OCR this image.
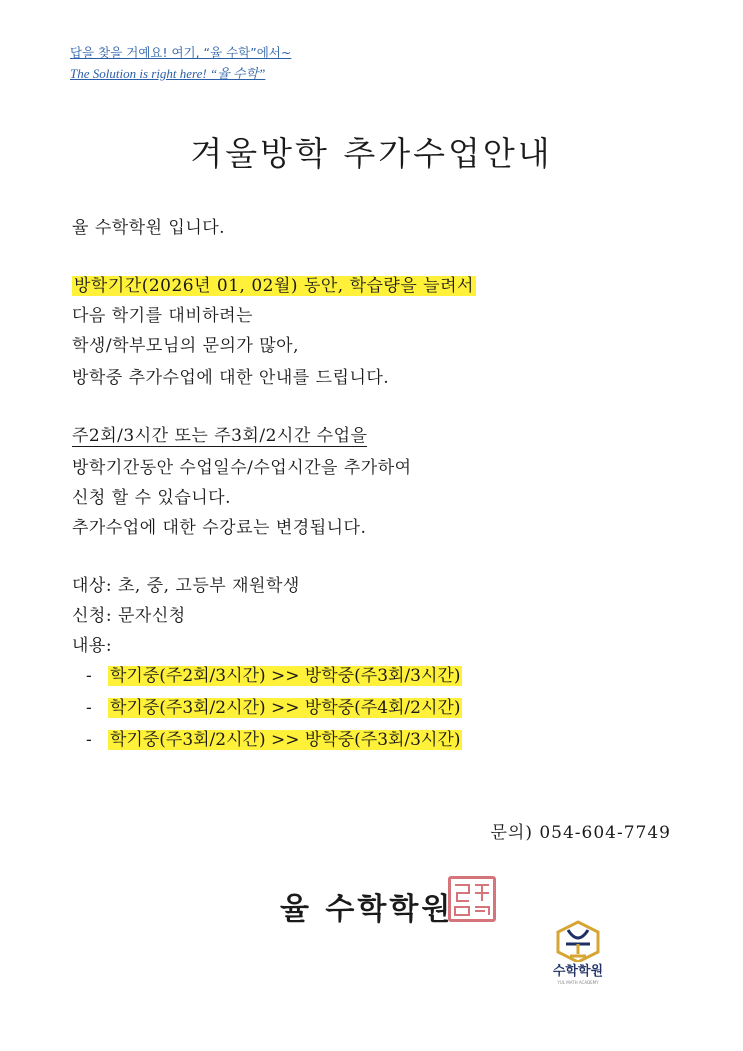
답을 찾을 거예요! 여기, “율 수학”에서~
The Solution is right here! “율 수학”
겨울방학 추가수업안내
율 수학학원 입니다.
방학기간(2026년 01, 02월) 동안, 학습량을 늘려서
다음 학기를 대비하려는
학생/학부모님의 문의가 많아,
방학중 추가수업에 대한 안내를 드립니다.
주2회/3시간 또는 주3회/2시간 수업을
방학기간동안 수업일수/수업시간을 추가하여
신청 할 수 있습니다.
추가수업에 대한 수강료는 변경됩니다.
대상: 초, 중, 고등부 재원학생
신청: 문자신청
내용:
- 학기중(주2회/3시간) >> 방학중(주3회/3시간)
- 학기중(주3회/2시간) >> 방학중(주4회/2시간)
- 학기중(주3회/2시간) >> 방학중(주3회/3시간)
문의) 054-604-7749
율 수학학원
수학학원
YUL MATH ACADEMY
